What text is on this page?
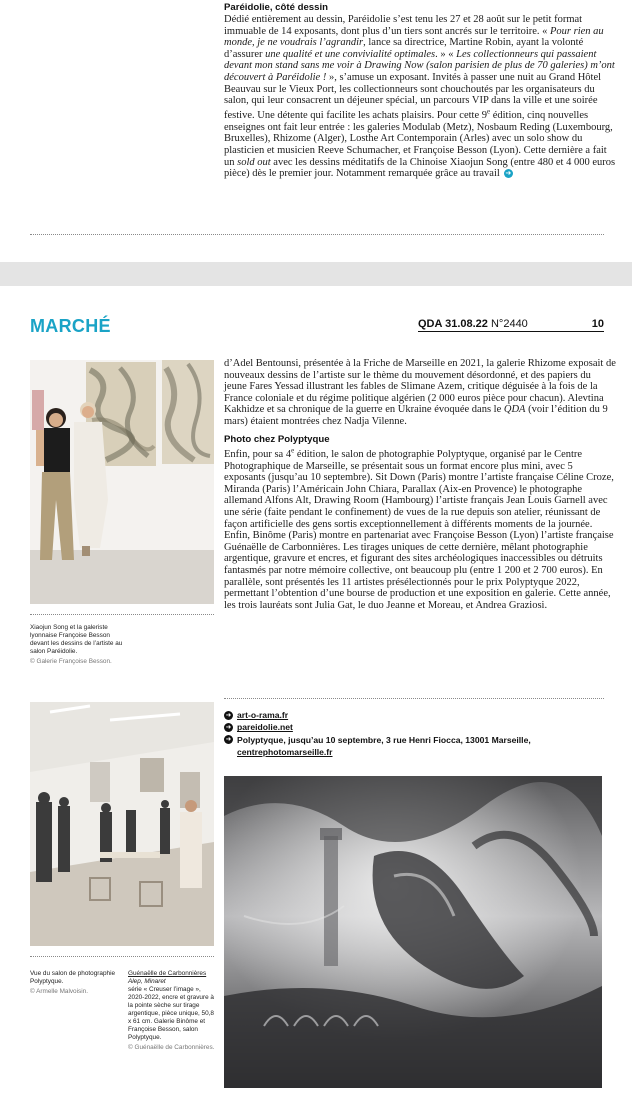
Paréidolie, côté dessin

Dédié entièrement au dessin, Paréidolie s’est tenu les 27 et 28 août sur le petit format immuable de 14 exposants, dont plus d’un tiers sont ancrés sur le territoire. « Pour rien au monde, je ne voudrais l’agrandir, lance sa directrice, Martine Robin, ayant la volonté d’assurer une qualité et une convivialité optimales. » « Les collectionneurs qui passaient devant mon stand sans me voir à Drawing Now (salon parisien de plus de 70 galeries) m’ont découvert à Paréidolie ! », s’amuse un exposant. Invités à passer une nuit au Grand Hôtel Beauvau sur le Vieux Port, les collectionneurs sont chouchoutés par les organisateurs du salon, qui leur consacrent un déjeuner spécial, un parcours VIP dans la ville et une soirée festive. Une détente qui facilite les achats plaisirs. Pour cette 9e édition, cinq nouvelles enseignes ont fait leur entrée : les galeries Modulab (Metz), Nosbaum Reding (Luxembourg, Bruxelles), Rhizome (Alger), Losthe Art Contemporain (Arles) avec un solo show du plasticien et musicien Reeve Schumacher, et Françoise Besson (Lyon). Cette dernière a fait un sold out avec les dessins méditatifs de la Chinoise Xiaojun Song (entre 480 et 4 000 euros pièce) dès le premier jour. Notamment remarquée grâce au travail ➜

MARCHÉ	QDA 31.08.22 N°2440	10
Xiaojun Song et la galeriste lyonnaise Françoise Besson devant les dessins de l’artiste au salon Paréidolie.
© Galerie Françoise Besson.

d’Adel Bentounsi, présentée à la Friche de Marseille en 2021, la galerie Rhizome exposait de nouveaux dessins de l’artiste sur le thème du mouvement désordonné, et des papiers du jeune Fares Yessad illustrant les fables de Slimane Azem, critique déguisée à la fois de la France coloniale et du régime politique algérien (2 000 euros pièce pour chacun). Alevtina Kakhidze et sa chronique de la guerre en Ukraine évoquée dans le QDA (voir l’édition du 9 mars) étaient montrées chez Nadja Vilenne.

Photo chez Polyptyque

Enfin, pour sa 4e édition, le salon de photographie Polyptyque, organisé par le Centre Photographique de Marseille, se présentait sous un format encore plus mini, avec 5 exposants (jusqu’au 10 septembre). Sit Down (Paris) montre l’artiste française Céline Croze, Miranda (Paris) l’Américain John Chiara, Parallax (Aix-en Provence) le photographe allemand Alfons Alt, Drawing Room (Hambourg) l’artiste français Jean Louis Garnell avec une série (faite pendant le confinement) de vues de la rue depuis son atelier, réunissant de façon artificielle des gens sortis exceptionnellement à différents moments de la journée. Enfin, Binôme (Paris) montre en partenariat avec Françoise Besson (Lyon) l’artiste française Guénaëlle de Carbonnières. Les tirages uniques de cette dernière, mêlant photographie argentique, gravure et encres, et figurant des sites archéologiques inaccessibles ou détruits fantasmés par notre mémoire collective, ont beaucoup plu (entre 1 200 et 2 700 euros). En parallèle, sont présentés les 11 artistes présélectionnés pour le prix Polyptyque 2022, permettant l’obtention d’une bourse de production et une exposition en galerie. Cette année, les trois lauréats sont Julia Gat, le duo Jeanne et Moreau, et Andrea Graziosi.

➜ art-o-rama.fr
➜ pareidolie.net
➜ Polyptyque, jusqu’au 10 septembre, 3 rue Henri Fiocca, 13001 Marseille,
centrephotomarseille.fr
Vue du salon de photographie Polyptyque.
© Armelle Malvoisin.
Guénaëlle de Carbonnières
Alep, Minaret
série « Creuser l’image », 2020-2022, encre et gravure à la pointe sèche sur tirage argentique, pièce unique, 50,8 x 61 cm. Galerie Binôme et Françoise Besson, salon Polyptyque.
© Guénaëlle de Carbonnières.
